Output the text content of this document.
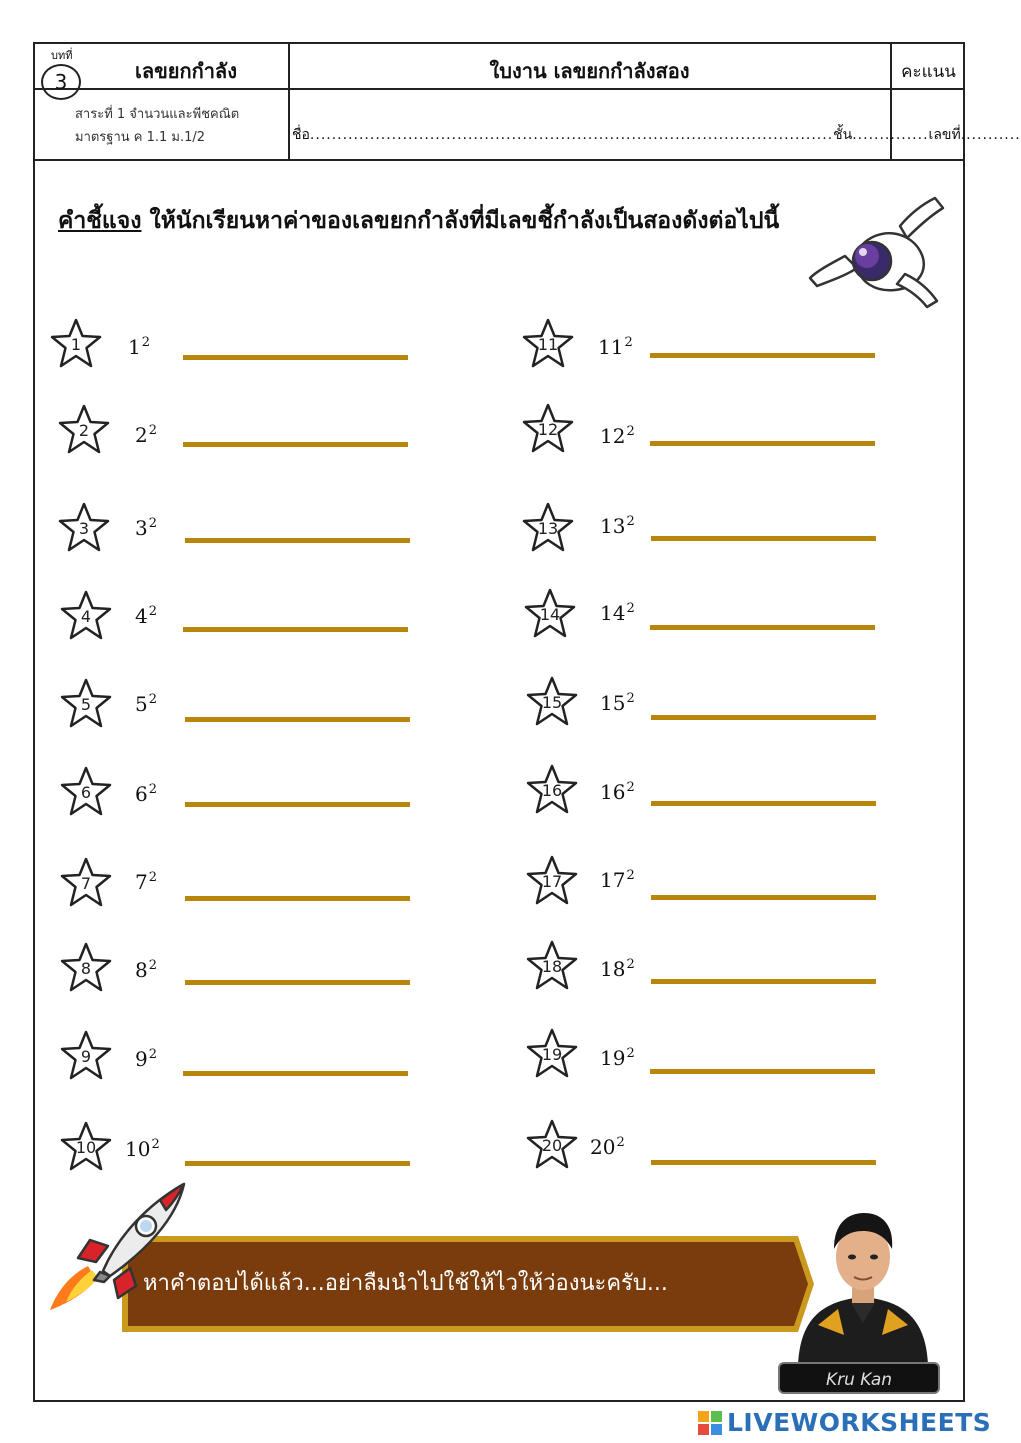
บทที่
3	เลขยกกำลัง	ใบงาน เลขยกกำลังสอง	คะแนน
สาระที่ 1 จำนวนและพีชคณิต
มาตรฐาน ค 1.1 ม.1/2	ชื่อ................................................................................................ชั้น..............เลขที่...........
คำชี้แจง ให้นักเรียนหาค่าของเลขยกกำลังที่มีเลขชี้กำลังเป็นสองดังต่อไปนี้
1	$1^2$
2	$2^2$
3	$3^2$
4	$4^2$
5	$5^2$
6	$6^2$
7	$7^2$
8	$8^2$
9	$9^2$
10	$10^2$
11	$11^2$
12	$12^2$
13	$13^2$
14	$14^2$
15	$15^2$
16	$16^2$
17	$17^2$
18	$18^2$
19	$19^2$
20	$20^2$
หาคำตอบได้แล้ว...อย่าลืมนำไปใช้ให้ไวให้ว่องนะครับ...
Kru Kan
LIVEWORKSHEETS
